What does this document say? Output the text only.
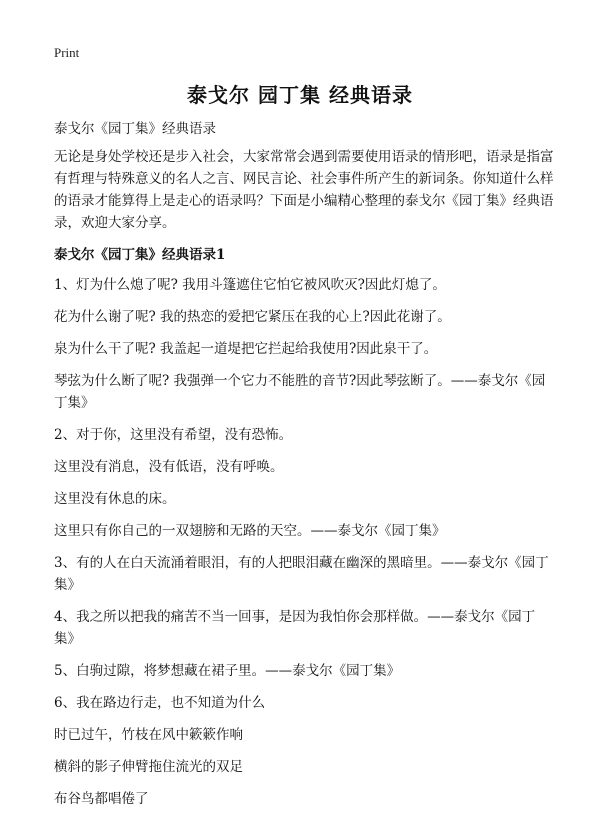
Print
泰戈尔 园丁集 经典语录

泰戈尔《园丁集》经典语录

无论是身处学校还是步入社会，大家常常会遇到需要使用语录的情形吧，语录是指富有哲理与特殊意义的名人之言、网民言论、社会事件所产生的新词条。你知道什么样的语录才能算得上是走心的语录吗？下面是小编精心整理的泰戈尔《园丁集》经典语录，欢迎大家分享。

泰戈尔《园丁集》经典语录1

1、灯为什么熄了呢? 我用斗篷遮住它怕它被风吹灭?因此灯熄了。

花为什么谢了呢? 我的热恋的爱把它紧压在我的心上?因此花谢了。

泉为什么干了呢? 我盖起一道堤把它拦起给我使用?因此泉干了。

琴弦为什么断了呢? 我强弹一个它力不能胜的音节?因此琴弦断了。——泰戈尔《园丁集》

2、对于你，这里没有希望，没有恐怖。

这里没有消息，没有低语，没有呼唤。

这里没有休息的床。

这里只有你自己的一双翅膀和无路的天空。——泰戈尔《园丁集》

3、有的人在白天流涌着眼泪，有的人把眼泪藏在幽深的黑暗里。——泰戈尔《园丁集》

4、我之所以把我的痛苦不当一回事，是因为我怕你会那样做。——泰戈尔《园丁集》

5、白驹过隙，将梦想藏在裙子里。——泰戈尔《园丁集》

6、我在路边行走，也不知道为什么

时已过午，竹枝在风中簌簌作响

横斜的影子伸臂拖住流光的双足

布谷鸟都唱倦了
